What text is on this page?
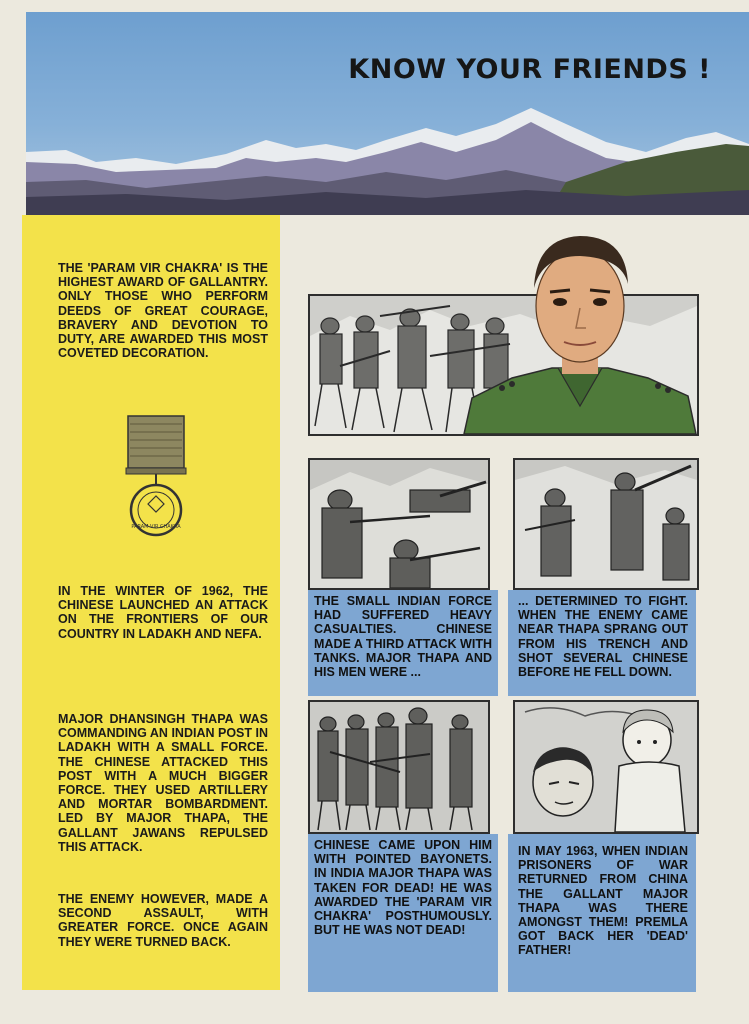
KNOW YOUR FRIENDS !

THE 'PARAM VIR CHAKRA' IS THE HIGHEST AWARD OF GALLANTRY. ONLY THOSE WHO PERFORM DEEDS OF GREAT COURAGE, BRAVERY AND DEVOTION TO DUTY, ARE AWARDED THIS MOST COVETED DECORATION.

PARAM VIR CHAKRA

IN THE WINTER OF 1962, THE CHINESE LAUNCHED AN ATTACK ON THE FRONTIERS OF OUR COUNTRY IN LADAKH AND NEFA.

MAJOR DHANSINGH THAPA WAS COMMANDING AN INDIAN POST IN LADAKH WITH A SMALL FORCE. THE CHINESE ATTACKED THIS POST WITH A MUCH BIGGER FORCE. THEY USED ARTILLERY AND MORTAR BOMBARDMENT. LED BY MAJOR THAPA, THE GALLANT JAWANS REPULSED THIS ATTACK.

THE ENEMY HOWEVER, MADE A SECOND ASSAULT, WITH GREATER FORCE. ONCE AGAIN THEY WERE TURNED BACK.

THE SMALL INDIAN FORCE HAD SUFFERED HEAVY CASUALTIES. CHINESE MADE A THIRD ATTACK WITH TANKS. MAJOR THAPA AND HIS MEN WERE ...

... DETERMINED TO FIGHT. WHEN THE ENEMY CAME NEAR THAPA SPRANG OUT FROM HIS TRENCH AND SHOT SEVERAL CHINESE BEFORE HE FELL DOWN.

CHINESE CAME UPON HIM WITH POINTED BAYONETS. IN INDIA MAJOR THAPA WAS TAKEN FOR DEAD! HE WAS AWARDED THE 'PARAM VIR CHAKRA' POSTHUMOUSLY. BUT HE WAS NOT DEAD!

IN MAY 1963, WHEN INDIAN PRISONERS OF WAR RETURNED FROM CHINA THE GALLANT MAJOR THAPA WAS THERE AMONGST THEM! PREMLA GOT BACK HER 'DEAD' FATHER!
